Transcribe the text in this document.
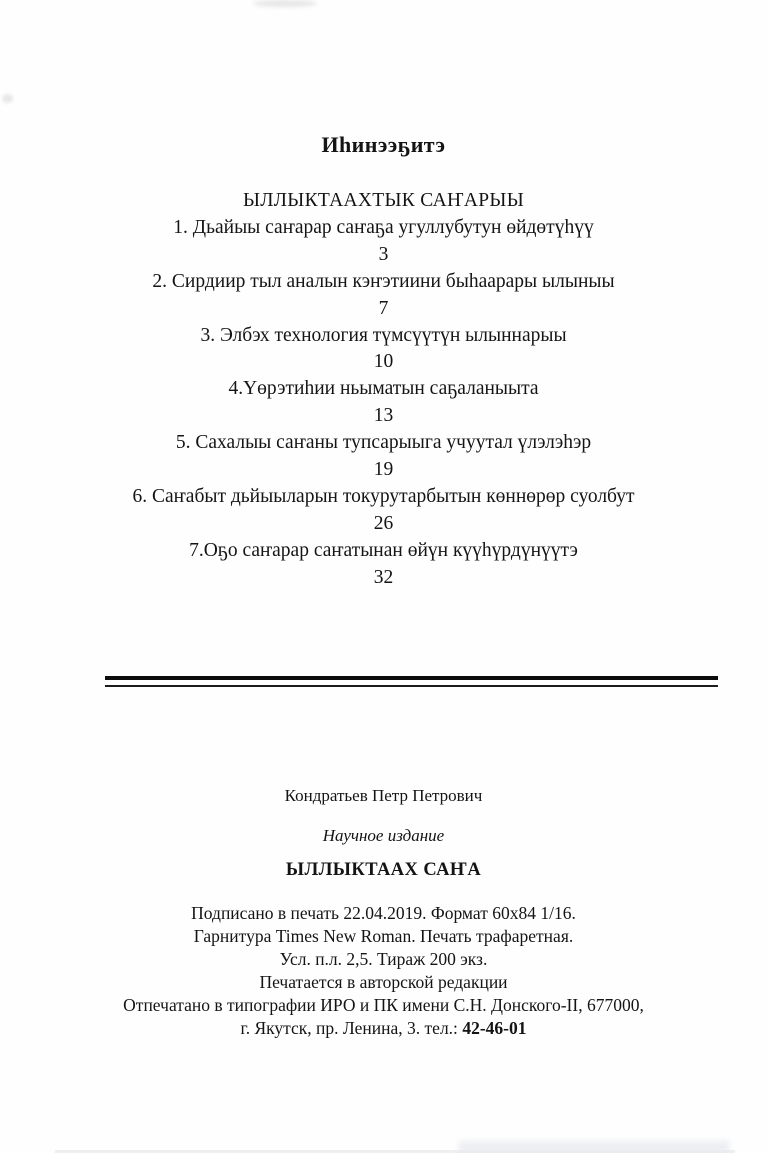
Иһинээҕитэ
ЫЛЛЫКТААХТЫК САҤАРЫЫ
1. Дьайыы саҥарар саҥаҕа угуллубутун өйдөтүһүү
3
2. Сирдиир тыл аналын кэҥэтиини быһаарары ылыныы
7
3. Элбэх технология түмсүүтүн ылыннарыы
10
4.Үөрэтиһии ньыматын саҕаланыыта
13
5. Сахалыы саҥаны тупсарыыга учуутал үлэлэһэр
19
6. Саҥабыт дьйыыларын токурутарбытын көннөрөр суолбут
26
7.Оҕо саҥарар саҥатынан өйүн күүһүрдүнүүтэ
32
Кондратьев Петр Петрович
Научное издание
ЫЛЛЫКТААХ САҤА
Подписано в печать 22.04.2019. Формат 60х84 1/16.
Гарнитура Times New Roman. Печать трафаретная.
Усл. п.л. 2,5. Тираж 200 экз.
Печатается в авторской редакции
Отпечатано в типографии ИРО и ПК имени С.Н. Донского-II, 677000,
г. Якутск, пр. Ленина, 3. тел.: 42-46-01
